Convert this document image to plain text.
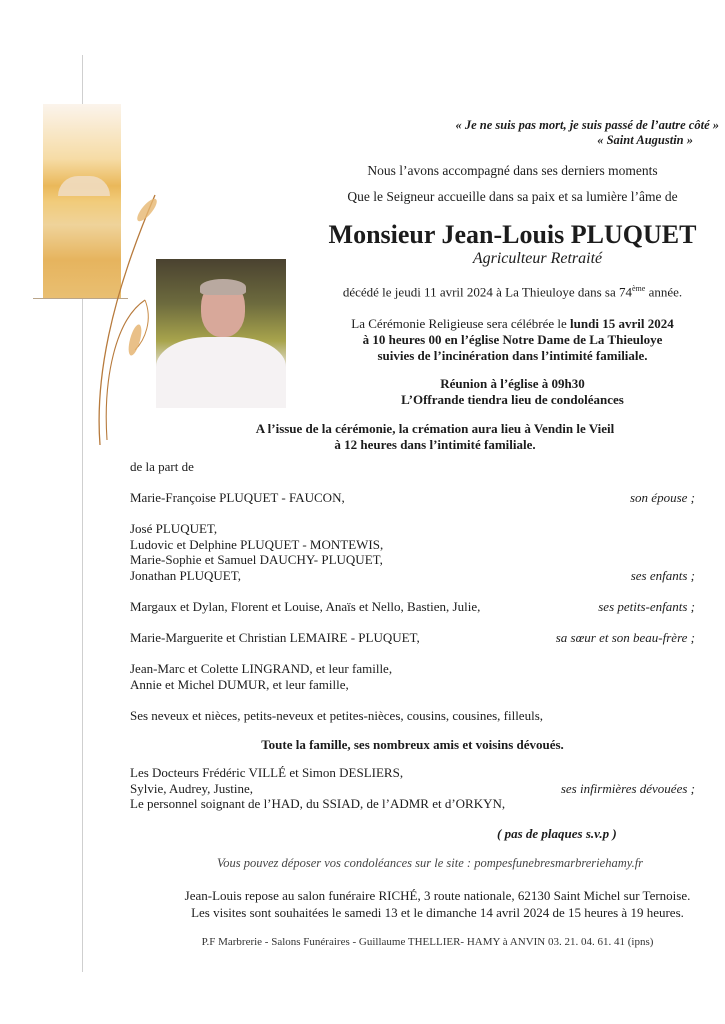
« Je ne suis pas mort, je suis passé de l’autre côté »
« Saint Augustin »
Nous l’avons accompagné dans ses derniers moments
Que le Seigneur accueille dans sa paix et sa lumière l’âme de
Monsieur Jean-Louis PLUQUET
Agriculteur Retraité
décédé le jeudi 11 avril 2024 à La Thieuloye dans sa 74ème année.
La Cérémonie Religieuse sera célébrée le lundi 15 avril 2024
à 10 heures 00 en l’église Notre Dame de La Thieuloye
suivies de l’incinération dans l’intimité familiale.
Réunion à l’église à 09h30
L’Offrande tiendra lieu de condoléances
A l’issue de la cérémonie, la crémation aura lieu à Vendin le Vieil
à 12 heures dans l’intimité familiale.
de la part de
Marie-Françoise PLUQUET - FAUCON,	son épouse ;
José PLUQUET,
Ludovic et Delphine PLUQUET - MONTEWIS,
Marie-Sophie et Samuel DAUCHY- PLUQUET,
Jonathan PLUQUET,	ses enfants ;
Margaux et Dylan, Florent et Louise, Anaïs et Nello, Bastien, Julie,	ses petits-enfants ;
Marie-Marguerite et Christian LEMAIRE - PLUQUET,	sa sœur et son beau-frère ;
Jean-Marc et Colette LINGRAND, et leur famille,
Annie et Michel DUMUR, et leur famille,
Ses neveux et nièces, petits-neveux et petites-nièces, cousins, cousines, filleuls,
Toute la famille, ses nombreux amis et voisins dévoués.
Les Docteurs Frédéric VILLÉ et Simon DESLIERS,
Sylvie, Audrey, Justine,	ses infirmières dévouées ;
Le personnel soignant de l’HAD, du SSIAD, de l’ADMR et d’ORKYN,
( pas de plaques s.v.p )
Vous pouvez déposer vos condoléances sur le site : pompesfunebresmarbreriehamy.fr
Jean-Louis repose au salon funéraire RICHÉ, 3 route nationale, 62130 Saint Michel sur Ternoise.
Les visites sont souhaitées le samedi 13 et le dimanche 14 avril 2024 de 15 heures à 19 heures.
P.F Marbrerie - Salons Funéraires - Guillaume THELLIER- HAMY à ANVIN 03. 21. 04. 61. 41 (ipns)
